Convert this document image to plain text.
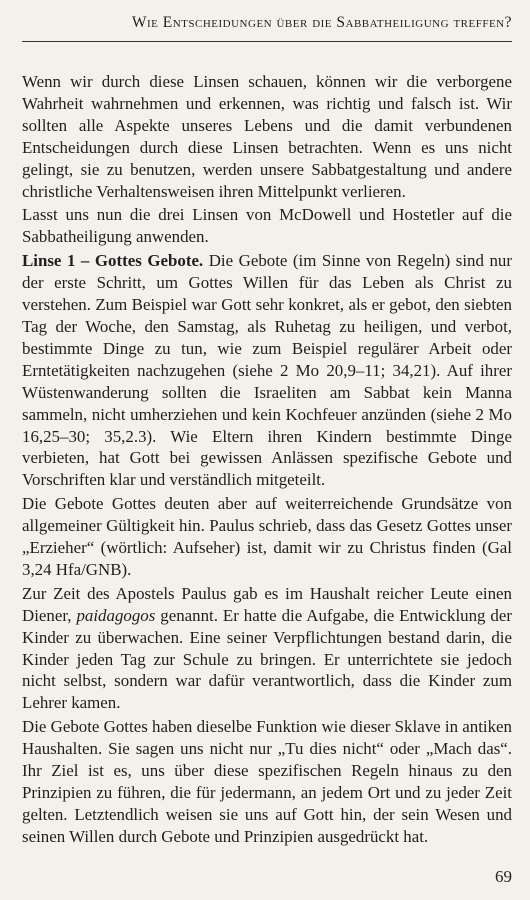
Wie Entscheidungen über die Sabbatheiligung treffen?

Wenn wir durch diese Linsen schauen, können wir die verborgene Wahrheit wahrnehmen und erkennen, was richtig und falsch ist. Wir sollten alle Aspekte unseres Lebens und die damit verbundenen Entscheidungen durch diese Linsen betrachten. Wenn es uns nicht gelingt, sie zu benutzen, werden unsere Sabbatgestaltung und andere christliche Verhaltensweisen ihren Mittelpunkt verlieren.

Lasst uns nun die drei Linsen von McDowell und Hostetler auf die Sabbatheiligung anwenden.

Linse 1 – Gottes Gebote. Die Gebote (im Sinne von Regeln) sind nur der erste Schritt, um Gottes Willen für das Leben als Christ zu verstehen. Zum Beispiel war Gott sehr konkret, als er gebot, den siebten Tag der Woche, den Samstag, als Ruhetag zu heiligen, und verbot, bestimmte Dinge zu tun, wie zum Beispiel regulärer Arbeit oder Erntetätigkeiten nachzugehen (siehe 2 Mo 20,9–11; 34,21). Auf ihrer Wüstenwanderung sollten die Israeliten am Sabbat kein Manna sammeln, nicht umherziehen und kein Kochfeuer anzünden (siehe 2 Mo 16,25–30; 35,2.3). Wie Eltern ihren Kindern bestimmte Dinge verbieten, hat Gott bei gewissen Anlässen spezifische Gebote und Vorschriften klar und verständlich mitgeteilt.

Die Gebote Gottes deuten aber auf weiterreichende Grundsätze von allgemeiner Gültigkeit hin. Paulus schrieb, dass das Gesetz Gottes unser „Erzieher“ (wörtlich: Aufseher) ist, damit wir zu Christus finden (Gal 3,24 Hfa/GNB).

Zur Zeit des Apostels Paulus gab es im Haushalt reicher Leute einen Diener, paidagogos genannt. Er hatte die Aufgabe, die Entwicklung der Kinder zu überwachen. Eine seiner Verpflichtungen bestand darin, die Kinder jeden Tag zur Schule zu bringen. Er unterrichtete sie jedoch nicht selbst, sondern war dafür verantwortlich, dass die Kinder zum Lehrer kamen.

Die Gebote Gottes haben dieselbe Funktion wie dieser Sklave in antiken Haushalten. Sie sagen uns nicht nur „Tu dies nicht“ oder „Mach das“. Ihr Ziel ist es, uns über diese spezifischen Regeln hinaus zu den Prinzipien zu führen, die für jedermann, an jedem Ort und zu jeder Zeit gelten. Letztendlich weisen sie uns auf Gott hin, der sein Wesen und seinen Willen durch Gebote und Prinzipien ausgedrückt hat.

69
